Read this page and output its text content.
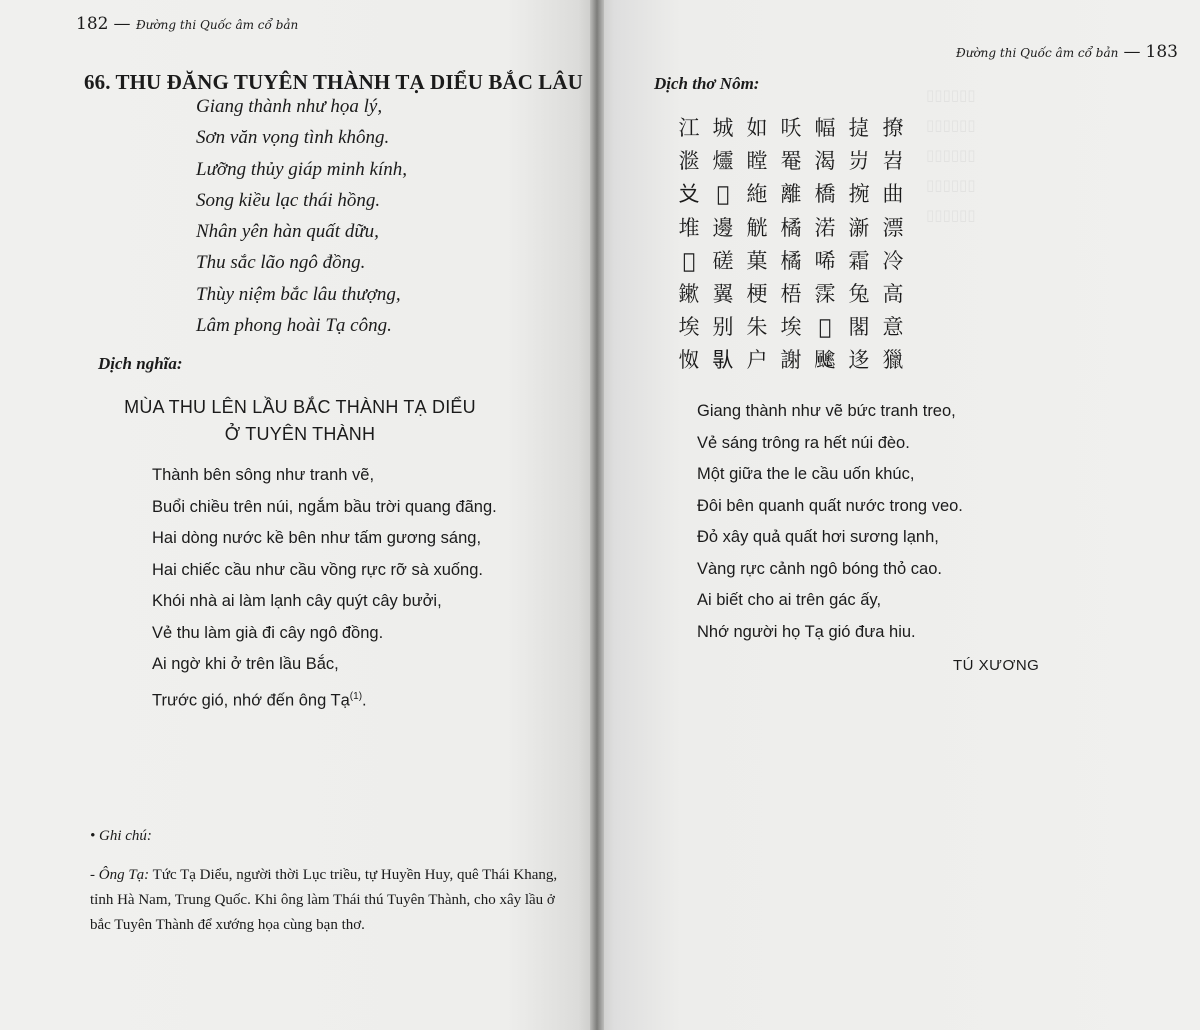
182 — Đường thi Quốc âm cổ bản
66. THU ĐĂNG TUYÊN THÀNH TẠ DIỂU BẮC LÂU
Giang thành như họa lý,
Sơn văn vọng tình không.
Lưỡng thủy giáp minh kính,
Song kiều lạc thái hồng.
Nhân yên hàn quất dữu,
Thu sắc lão ngô đồng.
Thùy niệm bắc lâu thượng,
Lâm phong hoài Tạ công.
Dịch nghĩa:
MÙA THU LÊN LẦU BẮC THÀNH TẠ DIỂU
Ở TUYÊN THÀNH
Thành bên sông như tranh vẽ,
Buổi chiều trên núi, ngắm bầu trời quang đãng.
Hai dòng nước kề bên như tấm gương sáng,
Hai chiếc cầu như cầu vồng rực rỡ sà xuống.
Khói nhà ai làm lạnh cây quýt cây bưởi,
Vẻ thu làm già đi cây ngô đồng.
Ai ngờ khi ở trên lầu Bắc,
Trước gió, nhớ đến ông Tạ$^{(1)}$.
• Ghi chú:

- Ông Tạ: Tức Tạ Diểu, người thời Lục triều, tự Huyền Huy, quê Thái Khang, tỉnh Hà Nam, Trung Quốc. Khi ông làm Thái thú Tuyên Thành, cho xây lầu ở bắc Tuyên Thành để xướng họa cùng bạn thơ.

▯▯▯▯▯▯
▯▯▯▯▯▯
▯▯▯▯▯▯
▯▯▯▯▯▯
▯▯▯▯▯▯
Đường thi Quốc âm cổ bản — 183
Dịch thơ Nôm:
江 城 如 㕭 幅 㨗 撩
㴴 爧 瞠 罨 渴 岃 岧
𠬠 𦰟 絁 離 橋 捥 曲
堆 邊 觥 橘 渃 澵 漂
𧯣 磋 菓 橘 唏 霜 冷
鏉 翼 梗 梧 霂 兔 高
埃 别 朱 埃 𨖲 閣 意
怓 𠊛 户 謝 𩙍 迻 獵
Giang thành như vẽ bức tranh treo,
Vẻ sáng trông ra hết núi đèo.
Một giữa the le cầu uốn khúc,
Đôi bên quanh quất nước trong veo.
Đỏ xây quả quất hơi sương lạnh,
Vàng rực cảnh ngô bóng thỏ cao.
Ai biết cho ai trên gác ấy,
Nhớ người họ Tạ gió đưa hiu.
TÚ XƯƠNG
